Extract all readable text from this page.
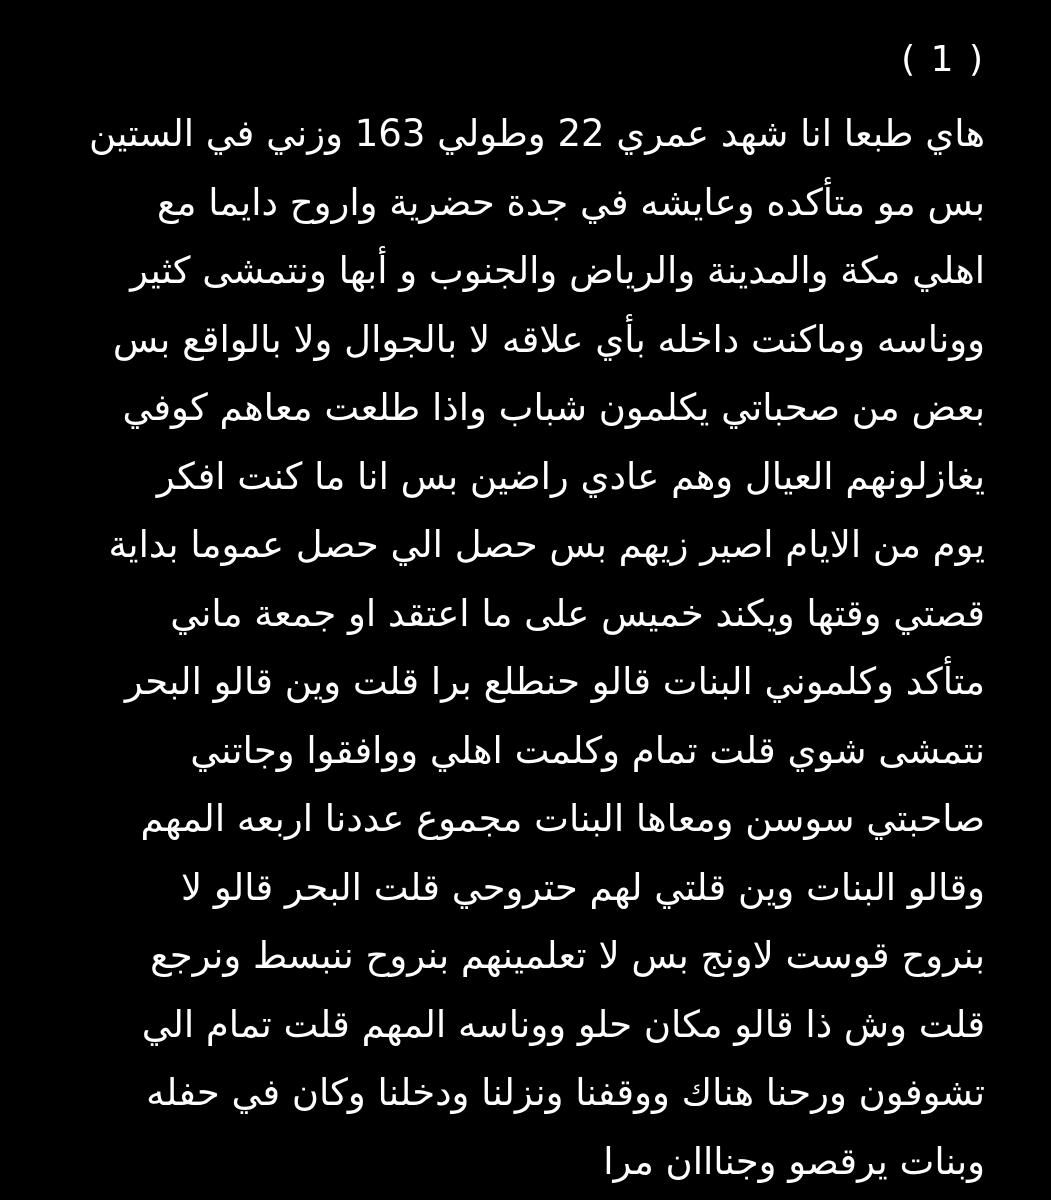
( 1 )
هاي طبعا انا شهد عمري 22 وطولي 163 وزني في الستين
بس مو متأكده وعايشه في جدة حضرية واروح دايما مع
اهلي مكة والمدينة والرياض والجنوب و أبها ونتمشى كثير
ووناسه وماكنت داخله بأي علاقه لا بالجوال ولا بالواقع بس
بعض من صحباتي يكلمون شباب واذا طلعت معاهم كوفي
يغازلونهم العيال وهم عادي راضين بس انا ما كنت افكر
يوم من الايام اصير زيهم بس حصل الي حصل عموما بداية
قصتي وقتها ويكند خميس على ما اعتقد او جمعة ماني
متأكد وكلموني البنات قالو حنطلع برا قلت وين قالو البحر
نتمشى شوي قلت تمام وكلمت اهلي ووافقوا وجاتني
صاحبتي سوسن ومعاها البنات مجموع عددنا اربعه المهم
وقالو البنات وين قلتي لهم حتروحي قلت البحر قالو لا
بنروح قوست لاونج بس لا تعلمينهم بنروح ننبسط ونرجع
قلت وش ذا قالو مكان حلو ووناسه المهم قلت تمام الي
تشوفون ورحنا هناك ووقفنا ونزلنا ودخلنا وكان في حفله
وبنات يرقصو وجنااان مرا
